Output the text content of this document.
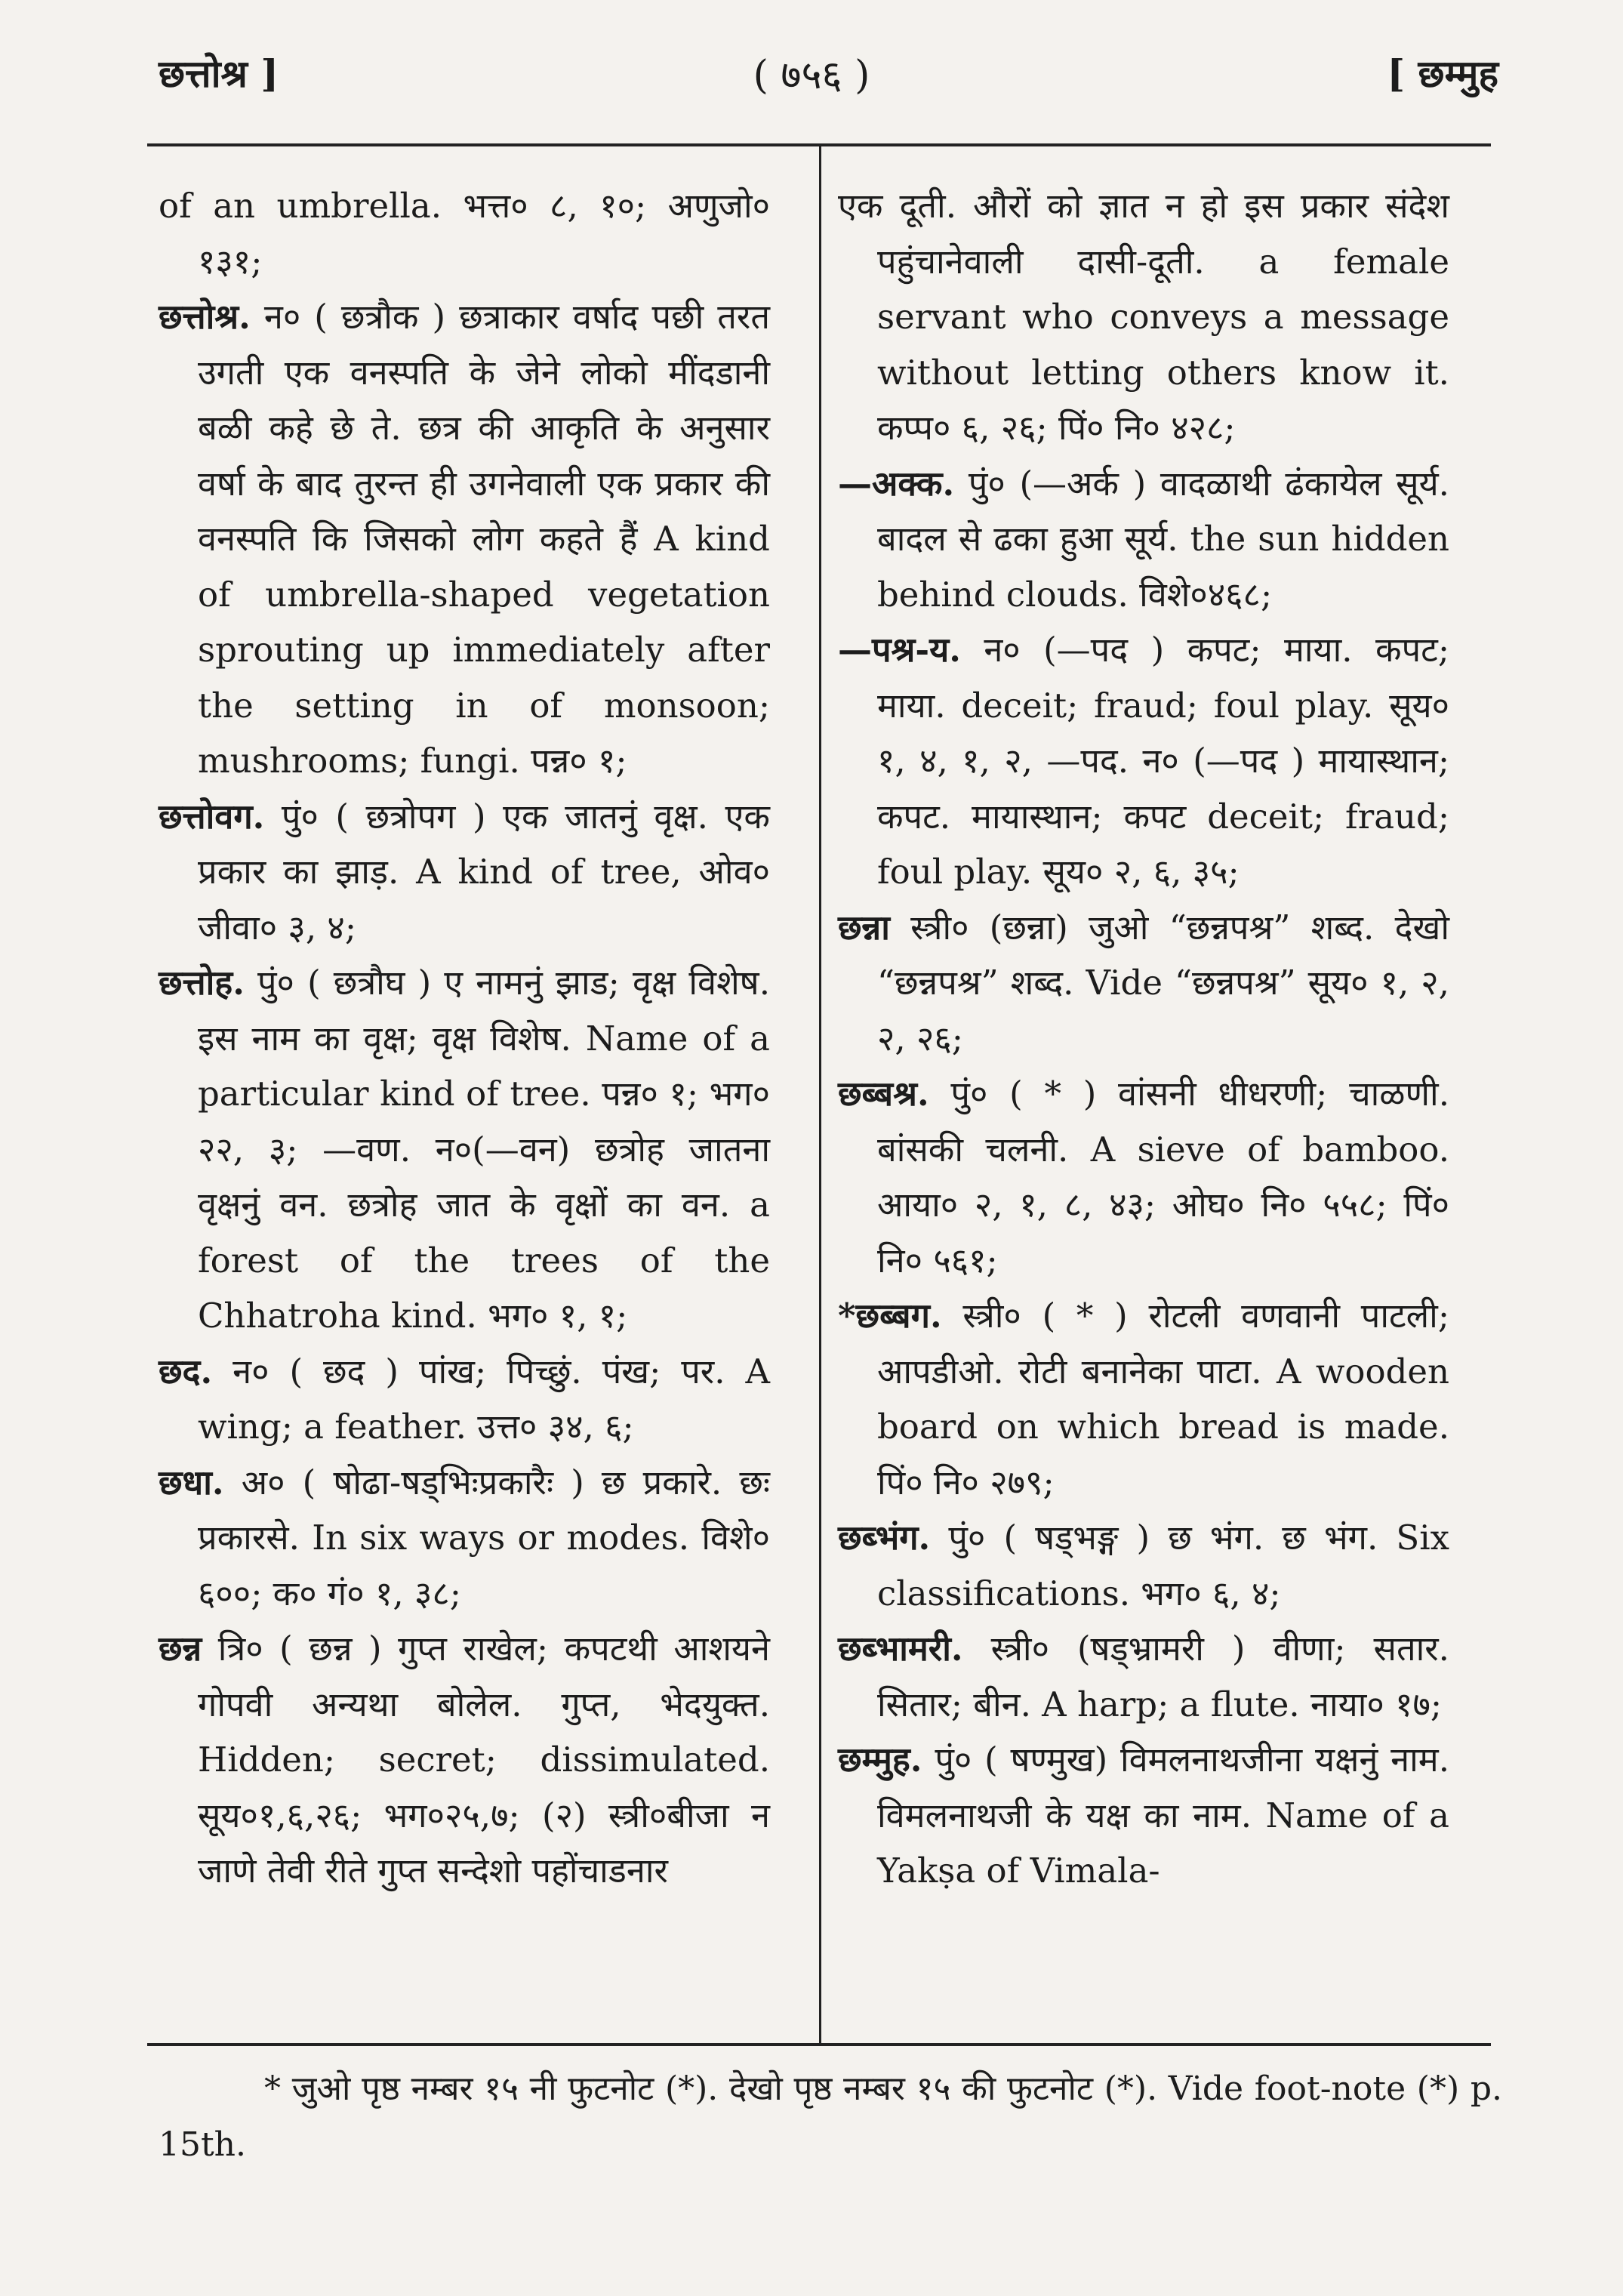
छत्तोश्र ]	( ७५६ )	[ छम्मुह
of an umbrella. भत्त० ८, १०; अणुजो० १३१;
छत्तोश्र. न० ( छत्रौक ) छत्राकार वर्षाद पछी तरत उगती एक वनस्पति के जेने लोको मींदडानी बळी कहे छे ते. छत्र की आकृति के अनुसार वर्षा के बाद तुरन्त ही उगनेवाली एक प्रकार की वनस्पति कि जिसको लोग कहते हैं A kind of umbrella-shaped vegetation sprouting up immediately after the setting in of monsoon; mushrooms; fungi. पन्न० १;
छत्तोवग. पुं० ( छत्रोपग ) एक जातनुं वृक्ष. एक प्रकार का झाड़. A kind of tree, ओव० जीवा० ३, ४;
छत्तोह. पुं० ( छत्रौघ ) ए नामनुं झाड; वृक्ष विशेष. इस नाम का वृक्ष; वृक्ष विशेष. Name of a particular kind of tree. पन्न० १; भग० २२, ३; —वण. न०(—वन) छत्रोह जातना वृक्षनुं वन. छत्रोह जात के वृक्षों का वन. a forest of the trees of the Chhatroha kind. भग० १, १;
छद. न० ( छद ) पांख; पिच्छुं. पंख; पर. A wing; a feather. उत्त० ३४, ६;
छधा. अ० ( षोढा-षड्भिःप्रकारैः ) छ प्रकारे. छः प्रकारसे. In six ways or modes. विशे० ६००; क० गं० १, ३८;
छन्न त्रि० ( छन्न ) गुप्त राखेल; कपटथी आशयने गोपवी अन्यथा बोलेल. गुप्त, भेदयुक्त. Hidden; secret; dissimulated. सूय०१,६,२६; भग०२५,७; (२) स्त्री०बीजा न जाणे तेवी रीते गुप्त सन्देशो पहोंचाडनार
एक दूती. औरों को ज्ञात न हो इस प्रकार संदेश पहुंचानेवाली दासी-दूती. a female servant who conveys a message without letting others know it. कप्प० ६, २६; पिं० नि० ४२८;
—अक्क. पुं० (—अर्क ) वादळाथी ढंकायेल सूर्य. बादल से ढका हुआ सूर्य. the sun hidden behind clouds. विशे०४६८;
—पश्र-य. न० (—पद ) कपट; माया. कपट; माया. deceit; fraud; foul play. सूय० १, ४, १, २, —पद. न० (—पद ) मायास्थान; कपट. मायास्थान; कपट deceit; fraud; foul play. सूय० २, ६, ३५;
छन्ना स्त्री० (छन्ना) जुओ “छन्नपश्र” शब्द. देखो “छन्नपश्र” शब्द. Vide “छन्नपश्र” सूय० १, २, २, २६;
छब्बश्र. पुं० ( * ) वांसनी धीधरणी; चाळणी. बांसकी चलनी. A sieve of bamboo. आया० २, १, ८, ४३; ओघ० नि० ५५८; पिं० नि० ५६१;
*छब्बग. स्त्री० ( * ) रोटली वणवानी पाटली; आपडीओ. रोटी बनानेका पाटा. A wooden board on which bread is made. पिं० नि० २७९;
छब्भंग. पुं० ( षड्भङ्ग ) छ भंग. छ भंग. Six classifications. भग० ६, ४;
छब्भामरी. स्त्री० (षड्भ्रामरी ) वीणा; सतार. सितार; बीन. A harp; a flute. नाया० १७;
छम्मुह. पुं० ( षण्मुख) विमलनाथजीना यक्षनुं नाम. विमलनाथजी के यक्ष का नाम. Name of a Yakṣa of Vimala-
* जुओ पृष्ठ नम्बर १५ नी फुटनोट (*). देखो पृष्ठ नम्बर १५ की फुटनोट (*). Vide foot-note (*) p. 15th.
